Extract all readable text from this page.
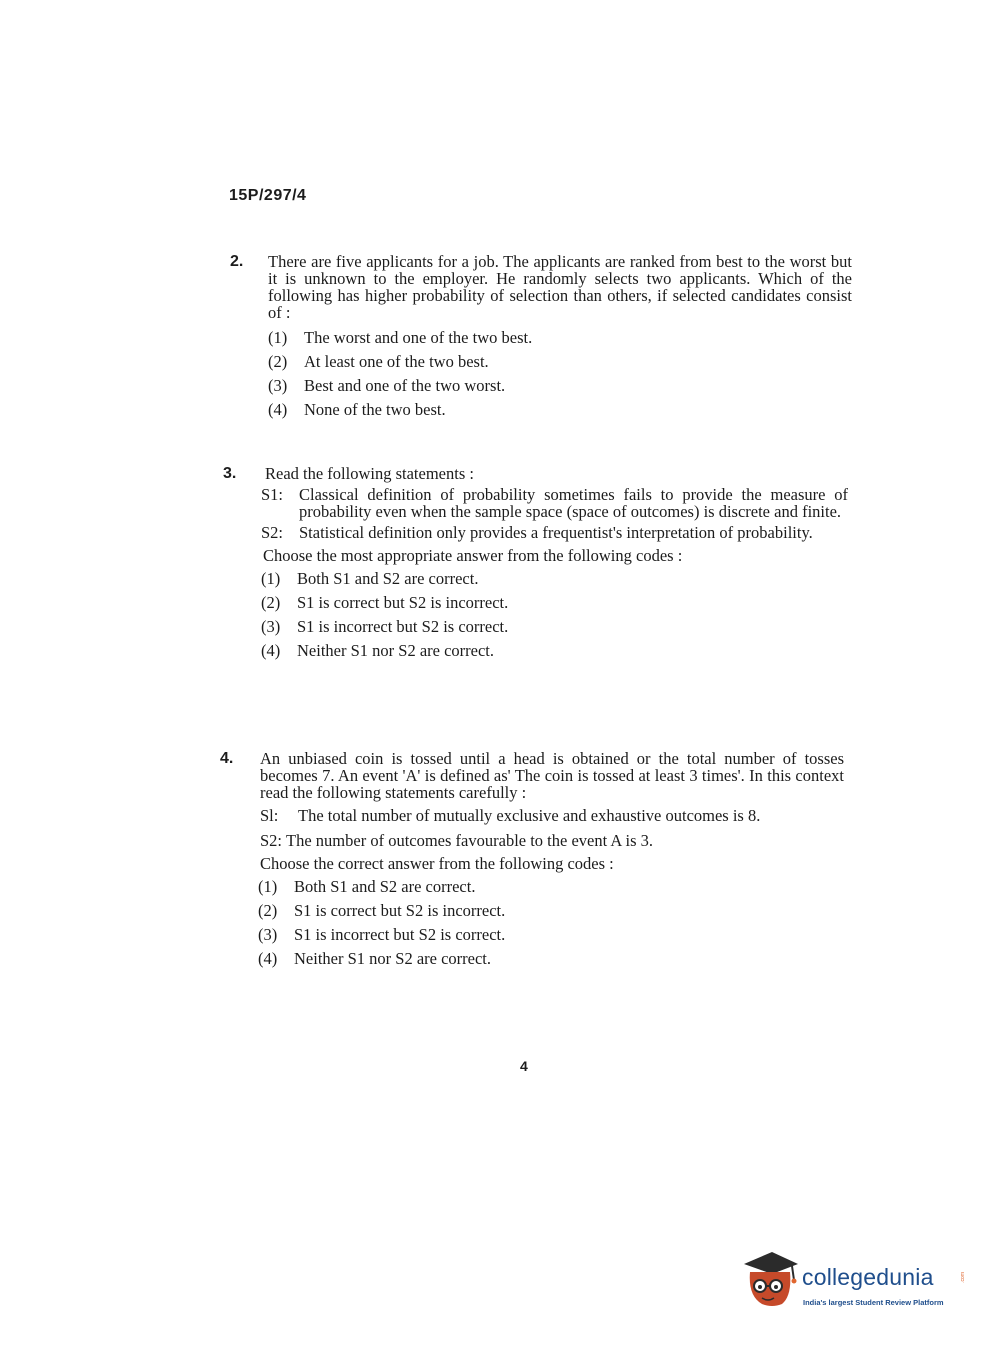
15P/297/4
2. There are five applicants for a job. The applicants are ranked from best to the worst but it is unknown to the employer. He randomly selects two applicants. Which of the following has higher probability of selection than others, if selected candidates consist of :
(1)	The worst and one of the two best.
(2)	At least one of the two best.
(3)	Best and one of the two worst.
(4)	None of the two best.
3. Read the following statements :
S1: Classical definition of probability sometimes fails to provide the measure of probability even when the sample space (space of outcomes) is discrete and finite.
S2: Statistical definition only provides a frequentist's interpretation of probability.
Choose the most appropriate answer from the following codes :
(1)	Both S1 and S2 are correct.
(2)	S1 is correct but S2 is incorrect.
(3)	S1 is incorrect but S2 is correct.
(4)	Neither S1 nor S2 are correct.
4. An unbiased coin is tossed until a head is obtained or the total number of tosses becomes 7. An event 'A' is defined as' The coin is tossed at least 3 times'. In this context read the following statements carefully :
Sl:	The total number of mutually exclusive and exhaustive outcomes is 8.
S2: The number of outcomes favourable to the event A is 3.
Choose the correct answer from the following codes :
(1)	Both S1 and S2 are correct.
(2)	S1 is correct but S2 is incorrect.
(3)	S1 is incorrect but S2 is correct.
(4)	Neither S1 nor S2 are correct.
4
collegedunia	.com
India's largest Student Review Platform
